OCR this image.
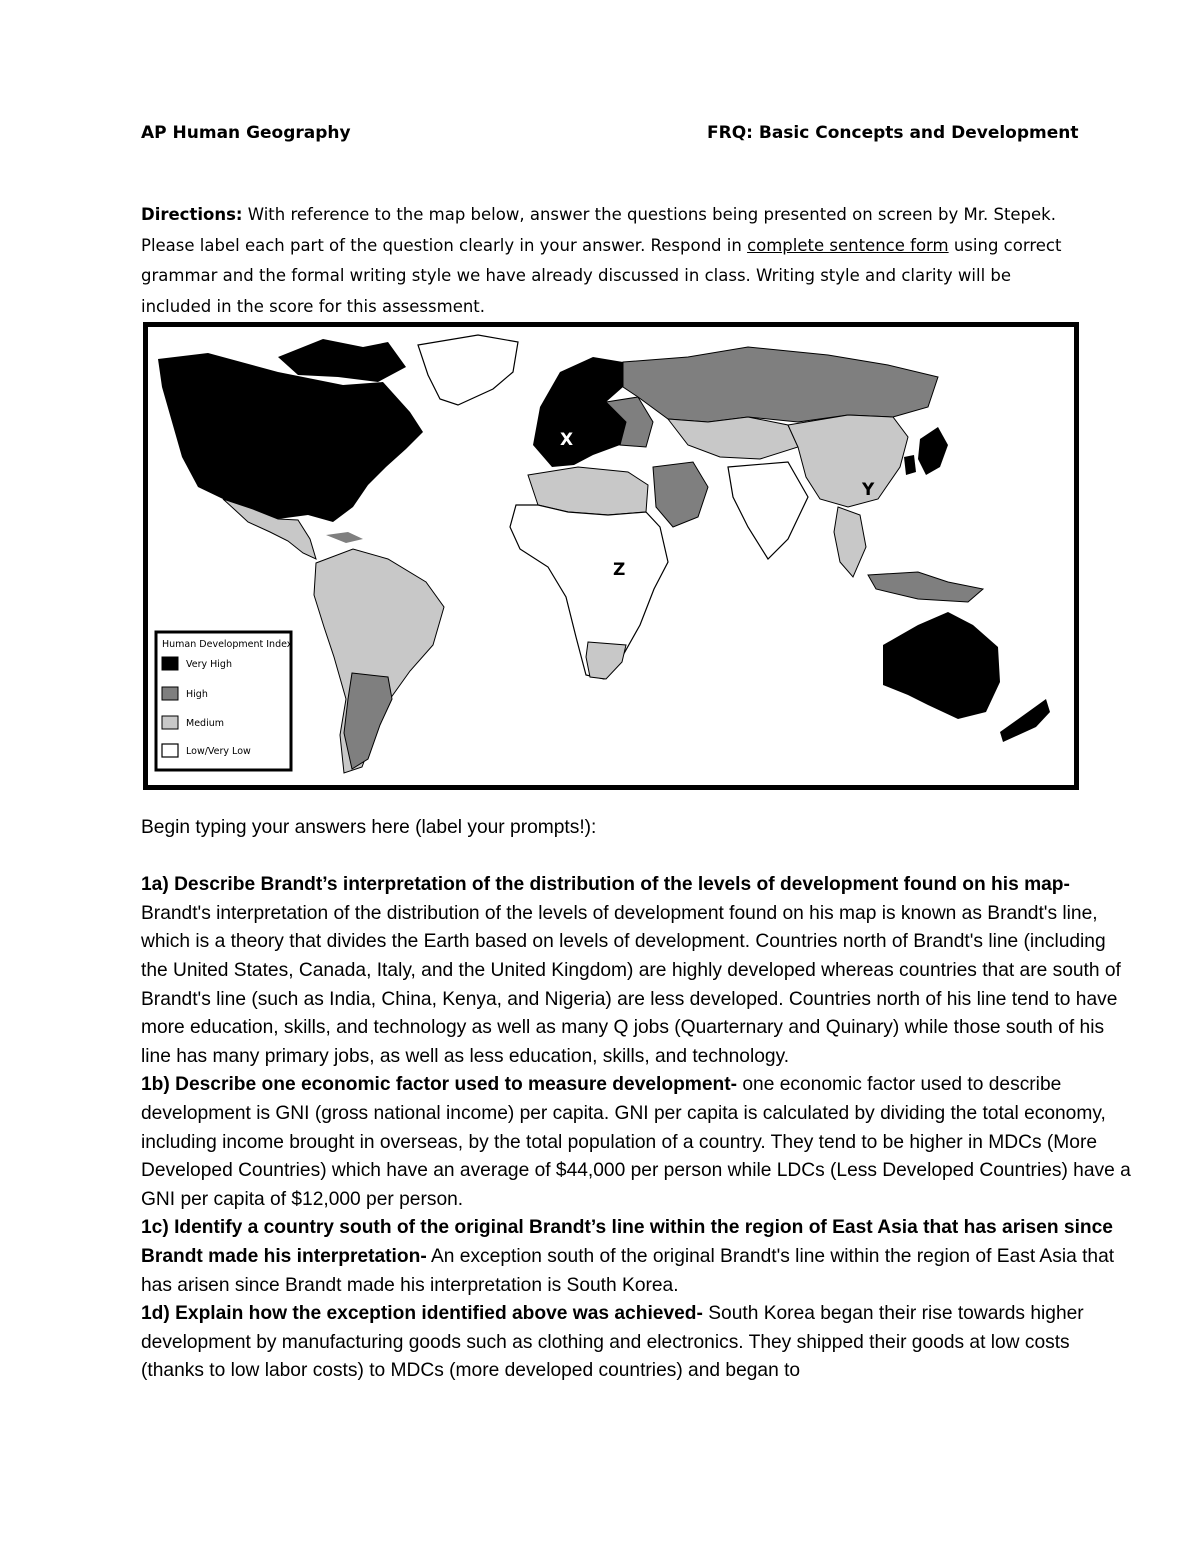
AP Human Geography	FRQ: Basic Concepts and Development
Directions: With reference to the map below, answer the questions being presented on screen by Mr. Stepek. Please label each part of the question clearly in your answer. Respond in complete sentence form using correct grammar and the formal writing style we have already discussed in class. Writing style and clarity will be included in the score for this assessment.
X
Y
Z
Human Development Index
Very High
High
Medium
Low/Very Low

Begin typing your answers here (label your prompts!):

1a) Describe Brandt’s interpretation of the distribution of the levels of development found on his map- Brandt's interpretation of the distribution of the levels of development found on his map is known as Brandt's line, which is a theory that divides the Earth based on levels of development. Countries north of Brandt's line (including the United States, Canada, Italy, and the United Kingdom) are highly developed whereas countries that are south of Brandt's line (such as India, China, Kenya, and Nigeria) are less developed. Countries north of his line tend to have more education, skills, and technology as well as many Q jobs (Quarternary and Quinary) while those south of his line has many primary jobs, as well as less education, skills, and technology.

1b) Describe one economic factor used to measure development- one economic factor used to describe development is GNI (gross national income) per capita. GNI per capita is calculated by dividing the total economy, including income brought in overseas, by the total population of a country. They tend to be higher in MDCs (More Developed Countries) which have an average of $44,000 per person while LDCs (Less Developed Countries) have a GNI per capita of $12,000 per person.

1c) Identify a country south of the original Brandt’s line within the region of East Asia that has arisen since Brandt made his interpretation- An exception south of the original Brandt's line within the region of East Asia that has arisen since Brandt made his interpretation is South Korea.

1d) Explain how the exception identified above was achieved- South Korea began their rise towards higher development by manufacturing goods such as clothing and electronics. They shipped their goods at low costs (thanks to low labor costs) to MDCs (more developed countries) and began to
